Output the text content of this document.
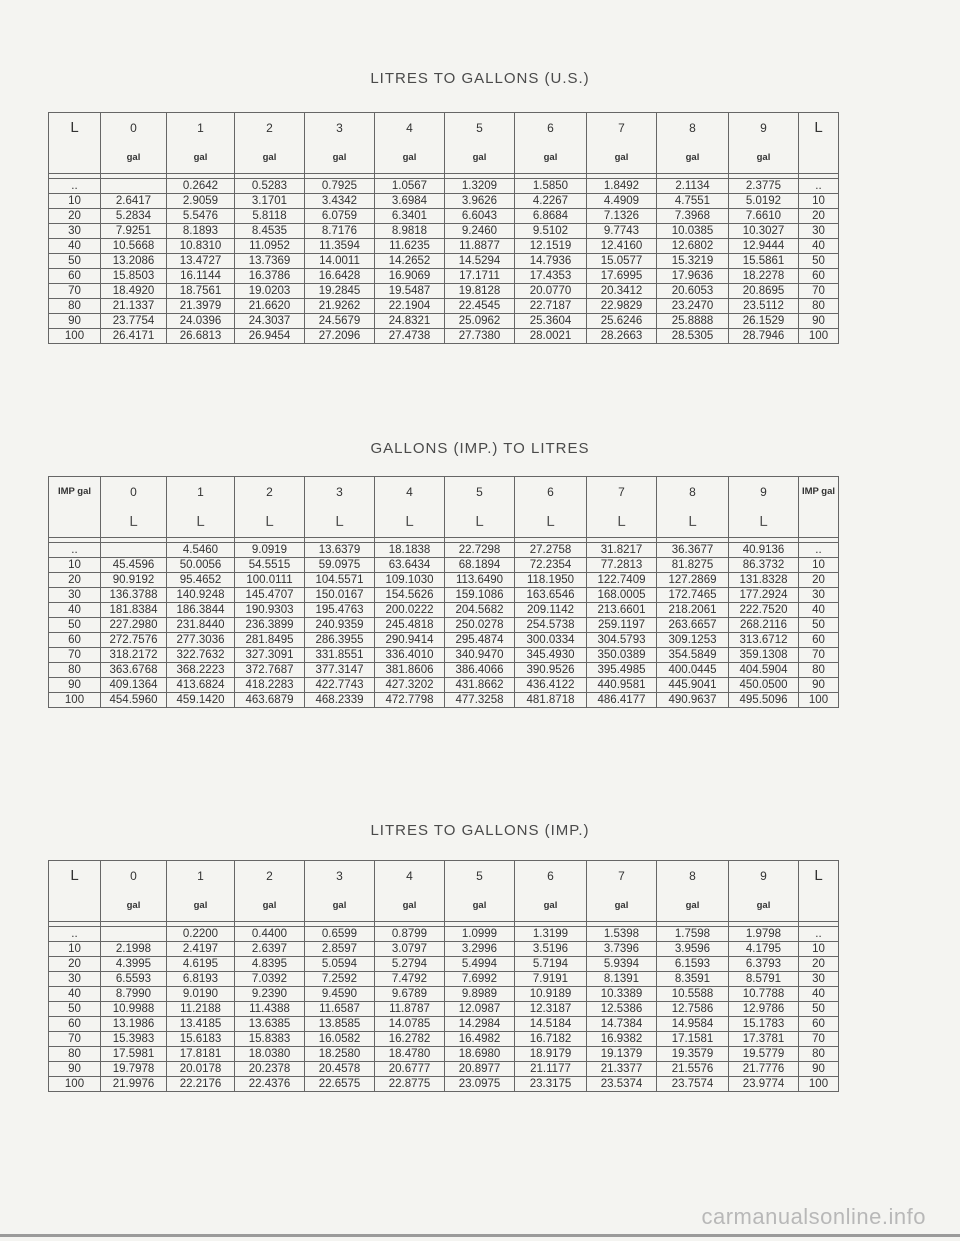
LITRES TO GALLONS (U.S.)
L	0	1	2	3	4	5	6	7	8	9	L
	gal	gal	gal	gal	gal	gal	gal	gal	gal	gal	

..		0.2642	0.5283	0.7925	1.0567	1.3209	1.5850	1.8492	2.1134	2.3775	..
10	2.6417	2.9059	3.1701	3.4342	3.6984	3.9626	4.2267	4.4909	4.7551	5.0192	10
20	5.2834	5.5476	5.8118	6.0759	6.3401	6.6043	6.8684	7.1326	7.3968	7.6610	20
30	7.9251	8.1893	8.4535	8.7176	8.9818	9.2460	9.5102	9.7743	10.0385	10.3027	30
40	10.5668	10.8310	11.0952	11.3594	11.6235	11.8877	12.1519	12.4160	12.6802	12.9444	40
50	13.2086	13.4727	13.7369	14.0011	14.2652	14.5294	14.7936	15.0577	15.3219	15.5861	50
60	15.8503	16.1144	16.3786	16.6428	16.9069	17.1711	17.4353	17.6995	17.9636	18.2278	60
70	18.4920	18.7561	19.0203	19.2845	19.5487	19.8128	20.0770	20.3412	20.6053	20.8695	70
80	21.1337	21.3979	21.6620	21.9262	22.1904	22.4545	22.7187	22.9829	23.2470	23.5112	80
90	23.7754	24.0396	24.3037	24.5679	24.8321	25.0962	25.3604	25.6246	25.8888	26.1529	90
100	26.4171	26.6813	26.9454	27.2096	27.4738	27.7380	28.0021	28.2663	28.5305	28.7946	100
GALLONS (IMP.) TO LITRES
IMP gal	0	1	2	3	4	5	6	7	8	9	IMP gal
	L	L	L	L	L	L	L	L	L	L	

..		4.5460	9.0919	13.6379	18.1838	22.7298	27.2758	31.8217	36.3677	40.9136	..
10	45.4596	50.0056	54.5515	59.0975	63.6434	68.1894	72.2354	77.2813	81.8275	86.3732	10
20	90.9192	95.4652	100.0111	104.5571	109.1030	113.6490	118.1950	122.7409	127.2869	131.8328	20
30	136.3788	140.9248	145.4707	150.0167	154.5626	159.1086	163.6546	168.0005	172.7465	177.2924	30
40	181.8384	186.3844	190.9303	195.4763	200.0222	204.5682	209.1142	213.6601	218.2061	222.7520	40
50	227.2980	231.8440	236.3899	240.9359	245.4818	250.0278	254.5738	259.1197	263.6657	268.2116	50
60	272.7576	277.3036	281.8495	286.3955	290.9414	295.4874	300.0334	304.5793	309.1253	313.6712	60
70	318.2172	322.7632	327.3091	331.8551	336.4010	340.9470	345.4930	350.0389	354.5849	359.1308	70
80	363.6768	368.2223	372.7687	377.3147	381.8606	386.4066	390.9526	395.4985	400.0445	404.5904	80
90	409.1364	413.6824	418.2283	422.7743	427.3202	431.8662	436.4122	440.9581	445.9041	450.0500	90
100	454.5960	459.1420	463.6879	468.2339	472.7798	477.3258	481.8718	486.4177	490.9637	495.5096	100
LITRES TO GALLONS (IMP.)
L	0	1	2	3	4	5	6	7	8	9	L
	gal	gal	gal	gal	gal	gal	gal	gal	gal	gal	

..		0.2200	0.4400	0.6599	0.8799	1.0999	1.3199	1.5398	1.7598	1.9798	..
10	2.1998	2.4197	2.6397	2.8597	3.0797	3.2996	3.5196	3.7396	3.9596	4.1795	10
20	4.3995	4.6195	4.8395	5.0594	5.2794	5.4994	5.7194	5.9394	6.1593	6.3793	20
30	6.5593	6.8193	7.0392	7.2592	7.4792	7.6992	7.9191	8.1391	8.3591	8.5791	30
40	8.7990	9.0190	9.2390	9.4590	9.6789	9.8989	10.9189	10.3389	10.5588	10.7788	40
50	10.9988	11.2188	11.4388	11.6587	11.8787	12.0987	12.3187	12.5386	12.7586	12.9786	50
60	13.1986	13.4185	13.6385	13.8585	14.0785	14.2984	14.5184	14.7384	14.9584	15.1783	60
70	15.3983	15.6183	15.8383	16.0582	16.2782	16.4982	16.7182	16.9382	17.1581	17.3781	70
80	17.5981	17.8181	18.0380	18.2580	18.4780	18.6980	18.9179	19.1379	19.3579	19.5779	80
90	19.7978	20.0178	20.2378	20.4578	20.6777	20.8977	21.1177	21.3377	21.5576	21.7776	90
100	21.9976	22.2176	22.4376	22.6575	22.8775	23.0975	23.3175	23.5374	23.7574	23.9774	100
carmanualsonline.info
